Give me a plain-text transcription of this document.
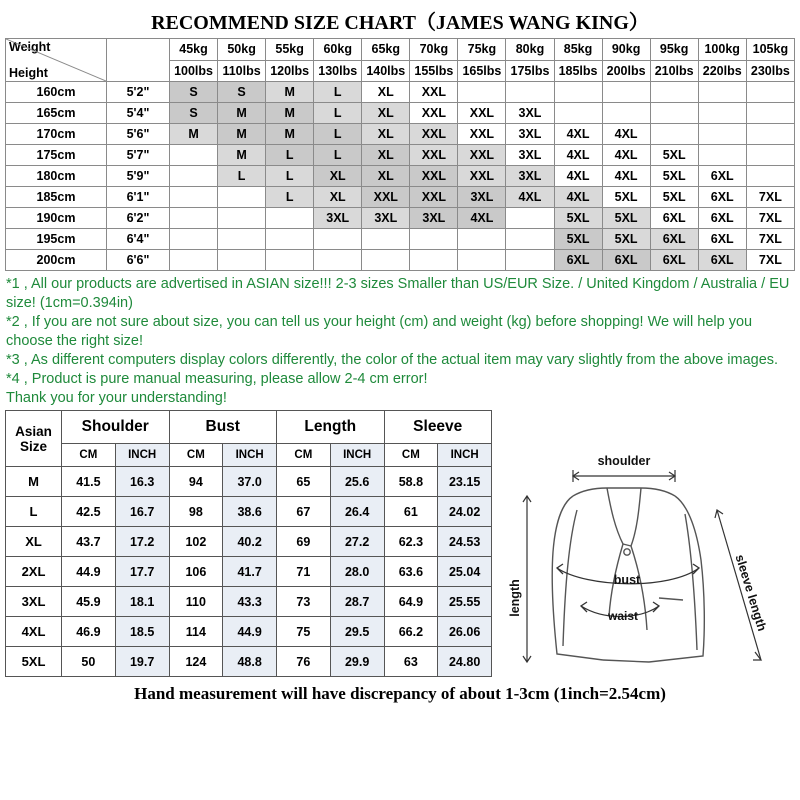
RECOMMEND SIZE CHART（JAMES WANG KING）
Weight
Height		45kg	50kg	55kg	60kg	65kg	70kg	75kg	80kg	85kg	90kg	95kg	100kg	105kg
		100lbs	110lbs	120lbs	130lbs	140lbs	155lbs	165lbs	175lbs	185lbs	200lbs	210lbs	220lbs	230lbs
160cm	5'2"	S	S	M	L	XL	XXL							
165cm	5'4"	S	M	M	L	XL	XXL	XXL	3XL					
170cm	5'6"	M	M	M	L	XL	XXL	XXL	3XL	4XL	4XL			
175cm	5'7"		M	L	L	XL	XXL	XXL	3XL	4XL	4XL	5XL		
180cm	5'9"		L	L	XL	XL	XXL	XXL	3XL	4XL	4XL	5XL	6XL	
185cm	6'1"			L	XL	XXL	XXL	3XL	4XL	4XL	5XL	5XL	6XL	7XL
190cm	6'2"				3XL	3XL	3XL	4XL		5XL	5XL	6XL	6XL	7XL
195cm	6'4"									5XL	5XL	6XL	6XL	7XL
200cm	6'6"									6XL	6XL	6XL	6XL	7XL
*1 , All our products are advertised in ASIAN size!!! 2-3 sizes Smaller than US/EUR Size. / United Kingdom / Australia / EU size! (1cm=0.394in)
*2 , If you are not sure about size, you can tell us your height (cm) and weight (kg) before shopping! We will help you choose the right size!
*3 , As different computers display colors differently, the color of the actual item may vary slightly from the above images.
*4 , Product is pure manual measuring, please allow 2-4 cm error!
Thank you for your understanding!
Asian
Size	Shoulder		Bust		Length		Sleeve	
	CM	INCH	CM	INCH	CM	INCH	CM	INCH
M	41.5	16.3	94	37.0	65	25.6	58.8	23.15
L	42.5	16.7	98	38.6	67	26.4	61	24.02
XL	43.7	17.2	102	40.2	69	27.2	62.3	24.53
2XL	44.9	17.7	106	41.7	71	28.0	63.6	25.04
3XL	45.9	18.1	110	43.3	73	28.7	64.9	25.55
4XL	46.9	18.5	114	44.9	75	29.5	66.2	26.06
5XL	50	19.7	124	48.8	76	29.9	63	24.80
shoulder
bust
waist
length	sleeve length
Hand measurement will have discrepancy of about 1-3cm (1inch=2.54cm)
